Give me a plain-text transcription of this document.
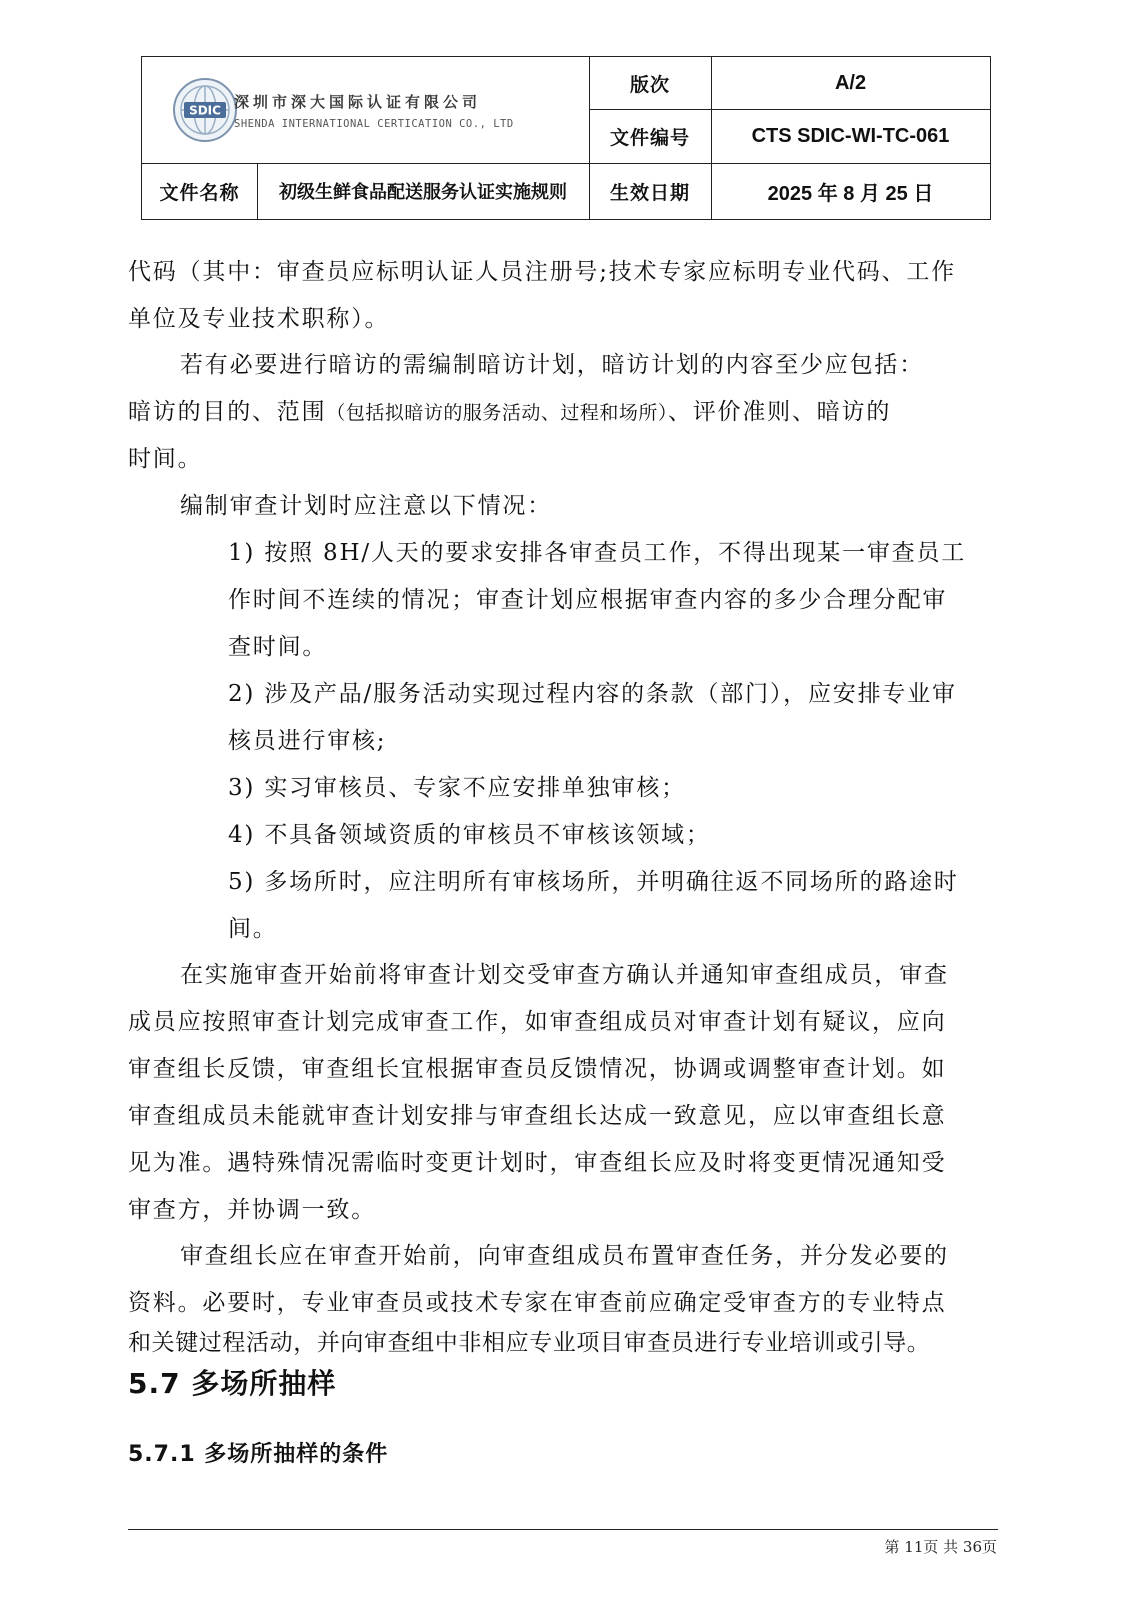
SDIC 深圳市深大国际认证有限公司
SHENDA INTERNATIONAL CERTICATION CO., LTD
版次	A/2
文件编号	CTS SDIC-WI-TC-061
文件名称	初级生鲜食品配送服务认证实施规则	生效日期	2025 年 8 月 25 日

代码（其中：审查员应标明认证人员注册号;技术专家应标明专业代码、工作

单位及专业技术职称）。

若有必要进行暗访的需编制暗访计划，暗访计划的内容至少应包括：

暗访的目的、范围（包括拟暗访的服务活动、过程和场所）、评价准则、暗访的

时间。

编制审查计划时应注意以下情况：

1) 按照 8H/人天的要求安排各审查员工作，不得出现某一审查员工

作时间不连续的情况；审查计划应根据审查内容的多少合理分配审

查时间。

2) 涉及产品/服务活动实现过程内容的条款（部门），应安排专业审

核员进行审核;

3) 实习审核员、专家不应安排单独审核；

4) 不具备领域资质的审核员不审核该领域；

5) 多场所时，应注明所有审核场所，并明确往返不同场所的路途时

间。

在实施审查开始前将审查计划交受审查方确认并通知审查组成员，审查

成员应按照审查计划完成审查工作，如审查组成员对审查计划有疑议，应向

审查组长反馈，审查组长宜根据审查员反馈情况，协调或调整审查计划。如

审查组成员未能就审查计划安排与审查组长达成一致意见，应以审查组长意

见为准。遇特殊情况需临时变更计划时，审查组长应及时将变更情况通知受

审查方，并协调一致。

审查组长应在审查开始前，向审查组成员布置审查任务，并分发必要的

资料。必要时，专业审查员或技术专家在审查前应确定受审查方的专业特点

和关键过程活动，并向审查组中非相应专业项目审查员进行专业培训或引导。

5.7 多场所抽样
5.7.1 多场所抽样的条件
第 11页 共 36页
